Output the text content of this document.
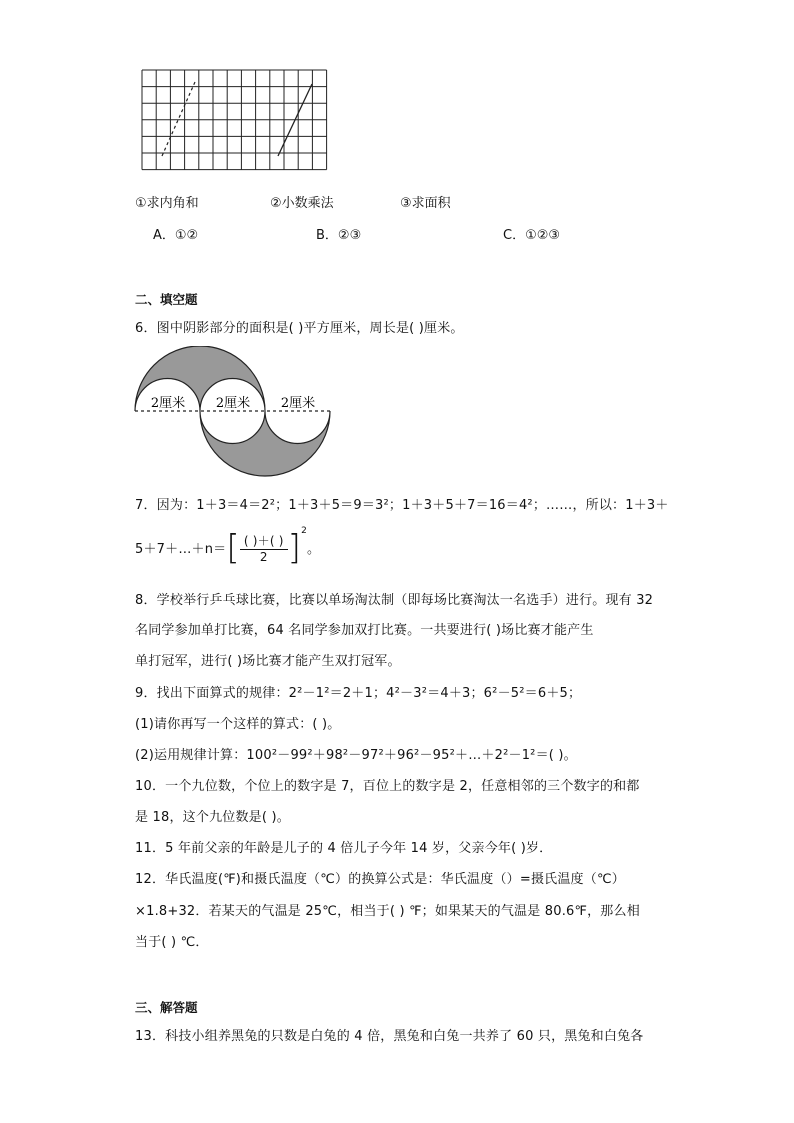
①求内角和	②小数乘法	③求面积
A．①②	B．②③	C．①②③
二、填空题
6．图中阴影部分的面积是( )平方厘米，周长是( )厘米。
2厘米 2厘米 2厘米
7．因为：1＋3＝4＝2²；1＋3＋5＝9＝3²；1＋3＋5＋7＝16＝4²；……，所以：1＋3＋
5＋7＋…＋n＝[ $\frac{( )+( )}{2} ]^2$。
8．学校举行乒乓球比赛，比赛以单场淘汰制（即每场比赛淘汰一名选手）进行。现有 32
名同学参加单打比赛，64 名同学参加双打比赛。一共要进行( )场比赛才能产生
单打冠军，进行( )场比赛才能产生双打冠军。
9．找出下面算式的规律：2²－1²＝2＋1；4²－3²＝4＋3；6²－5²＝6＋5；
(1)请你再写一个这样的算式：( )。
(2)运用规律计算：100²－99²＋98²－97²＋96²－95²＋…＋2²－1²＝( )。
10．一个九位数，个位上的数字是 7，百位上的数字是 2，任意相邻的三个数字的和都
是 18，这个九位数是( )。
11．5 年前父亲的年龄是儿子的 4 倍儿子今年 14 岁，父亲今年( )岁．
12．华氏温度(℉)和摄氏温度（℃）的换算公式是：华氏温度（）=摄氏温度（℃）
×1.8+32．若某天的气温是 25℃，相当于( ) ℉；如果某天的气温是 80.6℉，那么相
当于( ) ℃．
三、解答题
13．科技小组养黑兔的只数是白兔的 4 倍，黑兔和白兔一共养了 60 只，黑兔和白兔各
